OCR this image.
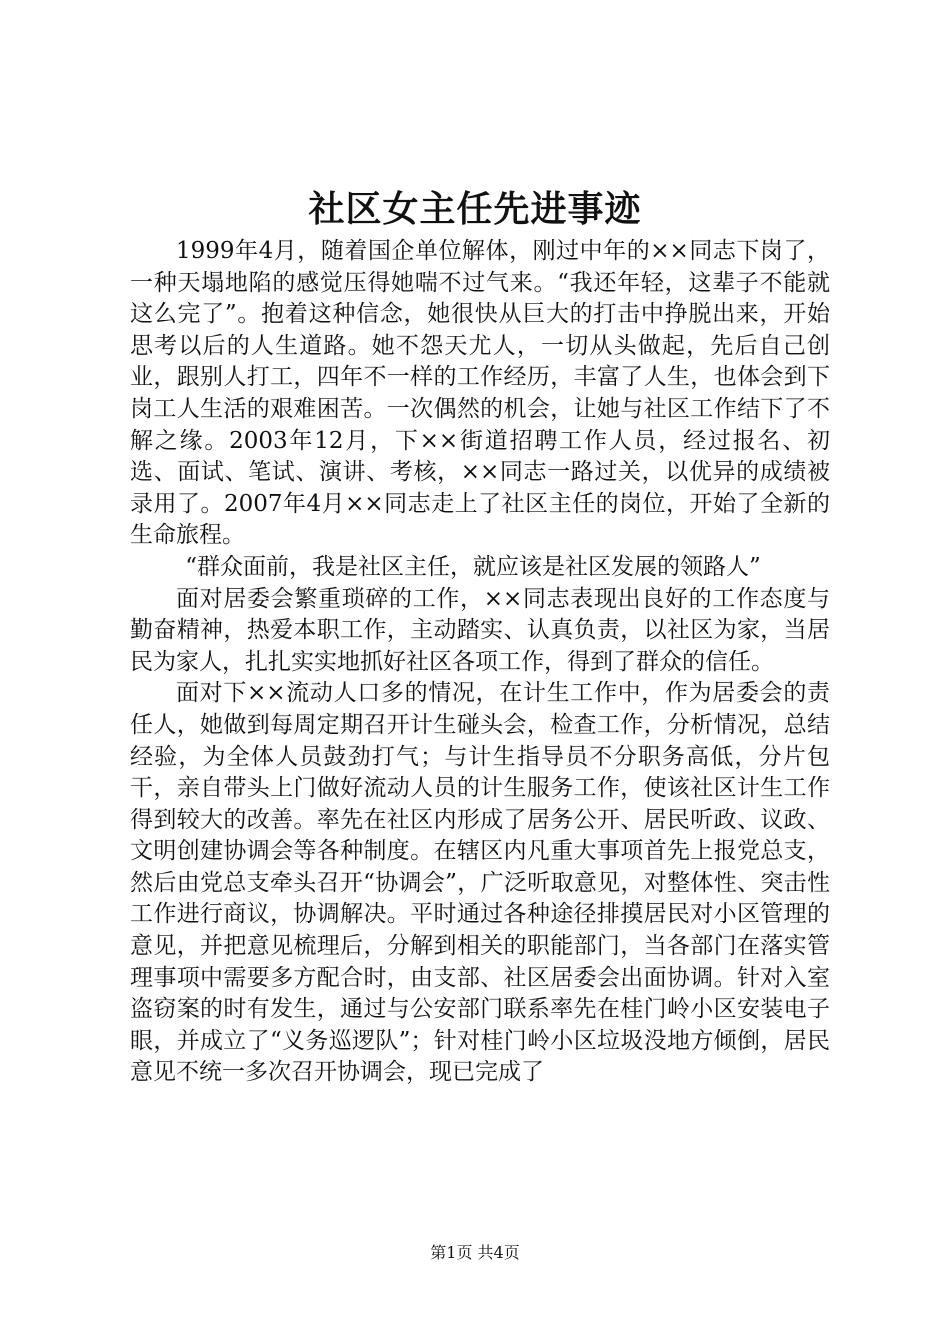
社区女主任先进事迹

1999年4月，随着国企单位解体，刚过中年的××同志下岗了，一种天塌地陷的感觉压得她喘不过气来。“我还年轻，这辈子不能就这么完了”。抱着这种信念，她很快从巨大的打击中挣脱出来，开始思考以后的人生道路。她不怨天尤人，一切从头做起，先后自己创业，跟别人打工，四年不一样的工作经历，丰富了人生，也体会到下岗工人生活的艰难困苦。一次偶然的机会，让她与社区工作结下了不解之缘。2003年12月，下××街道招聘工作人员，经过报名、初选、面试、笔试、演讲、考核，××同志一路过关，以优异的成绩被录用了。2007年4月××同志走上了社区主任的岗位，开始了全新的生命旅程。

“群众面前，我是社区主任，就应该是社区发展的领路人”

面对居委会繁重琐碎的工作，××同志表现出良好的工作态度与勤奋精神，热爱本职工作，主动踏实、认真负责，以社区为家，当居民为家人，扎扎实实地抓好社区各项工作，得到了群众的信任。

面对下××流动人口多的情况，在计生工作中，作为居委会的责任人，她做到每周定期召开计生碰头会，检查工作，分析情况，总结经验，为全体人员鼓劲打气；与计生指导员不分职务高低，分片包干，亲自带头上门做好流动人员的计生服务工作，使该社区计生工作得到较大的改善。率先在社区内形成了居务公开、居民听政、议政、文明创建协调会等各种制度。在辖区内凡重大事项首先上报党总支，然后由党总支牵头召开“协调会”，广泛听取意见，对整体性、突击性工作进行商议，协调解决。平时通过各种途径排摸居民对小区管理的意见，并把意见梳理后，分解到相关的职能部门，当各部门在落实管理事项中需要多方配合时，由支部、社区居委会出面协调。针对入室盗窃案的时有发生，通过与公安部门联系率先在桂门岭小区安装电子眼，并成立了“义务巡逻队”；针对桂门岭小区垃圾没地方倾倒，居民意见不统一多次召开协调会，现已完成了

第1页 共4页
